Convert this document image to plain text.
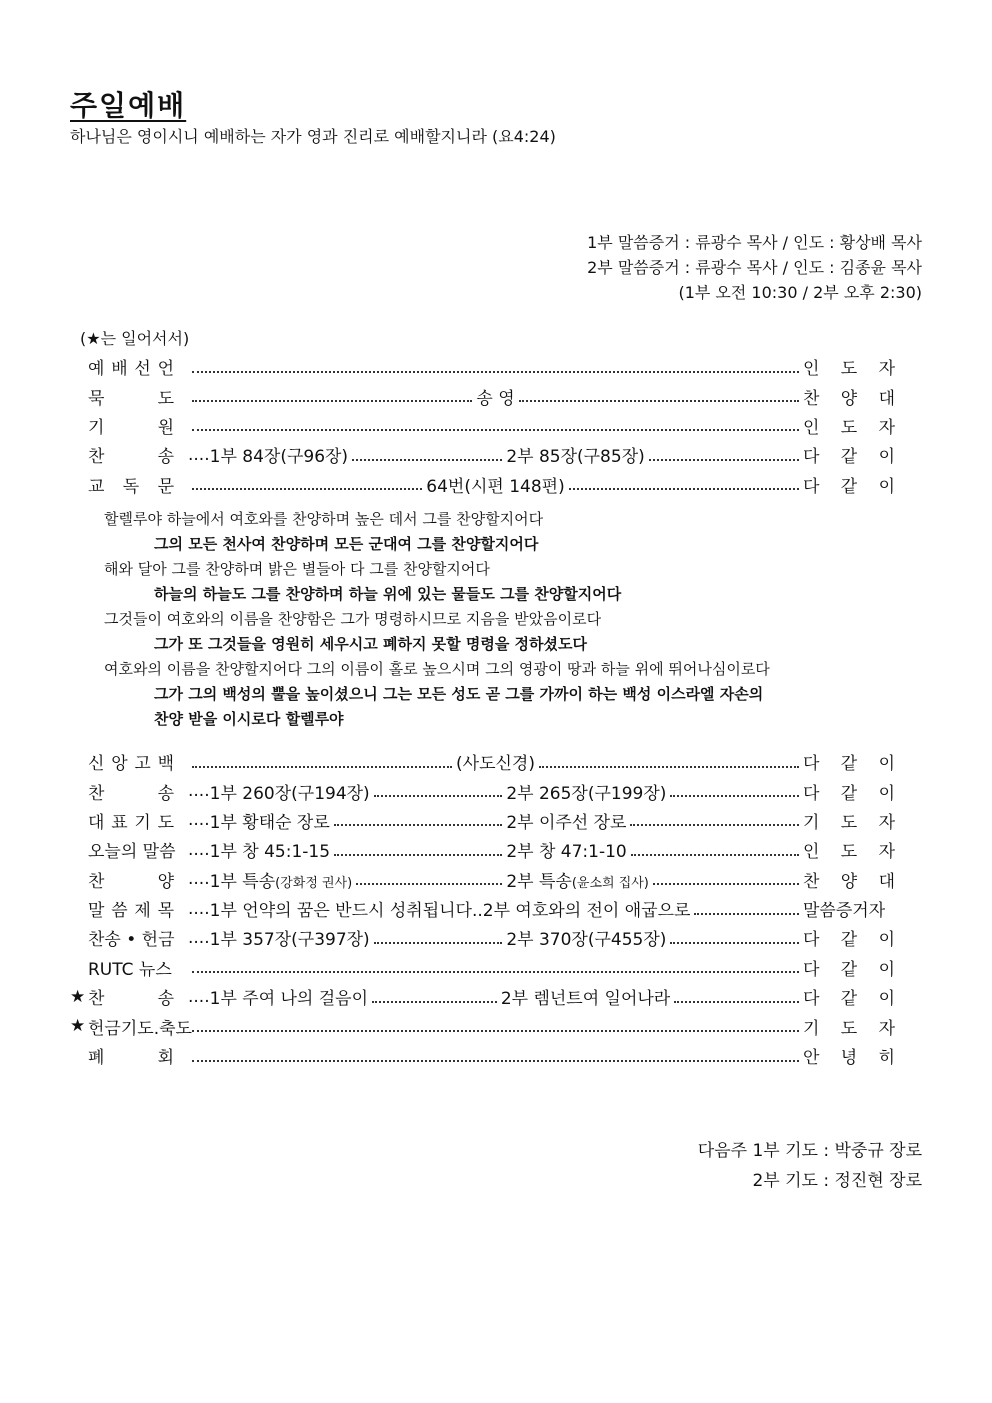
주일예배
하나님은 영이시니 예배하는 자가 영과 진리로 예배할지니라 (요4:24)
1부 말씀증거 : 류광수 목사 / 인도 : 황상배 목사
2부 말씀증거 : 류광수 목사 / 인도 : 김종윤 목사
(1부 오전 10:30 / 2부 오후 2:30)
(★는 일어서서)
예 배 선 언	인 도 자
묵	도	송 영	찬 양 대
기	원	인 도 자
찬	송 .... 1부 84장(구96장)	2부 85장(구85장)	다 같 이
교 독 문	64번(시편 148편)	다 같 이
신 앙 고 백	(사도신경)	다 같 이
찬	송 .... 1부 260장(구194장)	2부 265장(구199장)	다 같 이
대 표 기 도 .... 1부 황태순 장로	2부 이주선 장로	기 도 자
오늘의 말씀 .... 1부 창 45:1-15	2부 창 47:1-10	인 도 자
찬	양 .... 1부 특송(강화정 권사)	2부 특송(윤소희 집사)	찬 양 대
말 씀 제 목 .... 1부 언약의 꿈은 반드시 성취됩니다.. 2부 여호와의 전이 애굽으로	말씀증거자
찬송 • 헌금 .... 1부 357장(구397장)	2부 370장(구455장)	다 같 이
RUTC 뉴스	다 같 이
★ 찬	송 .... 1부 주여 나의 걸음이	2부 렘넌트여 일어나라	다 같 이
★ 헌금기도.축도	기 도 자
폐	회	안 녕 히
할렐루야 하늘에서 여호와를 찬양하며 높은 데서 그를 찬양할지어다
그의 모든 천사여 찬양하며 모든 군대여 그를 찬양할지어다
해와 달아 그를 찬양하며 밝은 별들아 다 그를 찬양할지어다
하늘의 하늘도 그를 찬양하며 하늘 위에 있는 물들도 그를 찬양할지어다
그것들이 여호와의 이름을 찬양함은 그가 명령하시므로 지음을 받았음이로다
그가 또 그것들을 영원히 세우시고 폐하지 못할 명령을 정하셨도다
여호와의 이름을 찬양할지어다 그의 이름이 홀로 높으시며 그의 영광이 땅과 하늘 위에 뛰어나심이로다
그가 그의 백성의 뿔을 높이셨으니 그는 모든 성도 곧 그를 가까이 하는 백성 이스라엘 자손의
찬양 받을 이시로다 할렐루야
다음주 1부 기도 : 박중규 장로
2부 기도 : 정진현 장로
